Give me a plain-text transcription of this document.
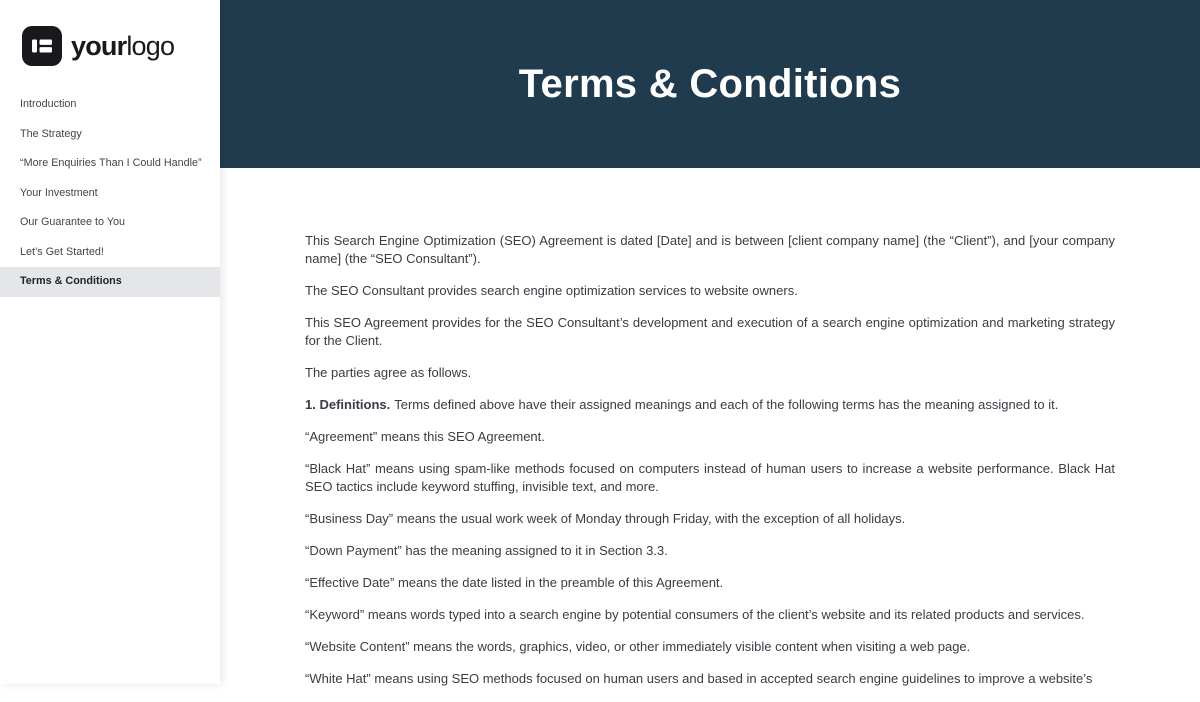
yourlogo
Introduction
The Strategy
“More Enquiries Than I Could Handle”
Your Investment
Our Guarantee to You
Let’s Get Started!
Terms & Conditions
Terms & Conditions

This Search Engine Optimization (SEO) Agreement is dated [Date] and is between [client company name] (the “Client”), and [your company name] (the “SEO Consultant”).

The SEO Consultant provides search engine optimization services to website owners.

This SEO Agreement provides for the SEO Consultant’s development and execution of a search engine optimization and marketing strategy for the Client.

The parties agree as follows.

1. Definitions. Terms defined above have their assigned meanings and each of the following terms has the meaning assigned to it.

“Agreement” means this SEO Agreement.

“Black Hat” means using spam-like methods focused on computers instead of human users to increase a website performance. Black Hat SEO tactics include keyword stuffing, invisible text, and more.

“Business Day” means the usual work week of Monday through Friday, with the exception of all holidays.

“Down Payment” has the meaning assigned to it in Section 3.3.

“Effective Date” means the date listed in the preamble of this Agreement.

“Keyword” means words typed into a search engine by potential consumers of the client’s website and its related products and services.

“Website Content” means the words, graphics, video, or other immediately visible content when visiting a web page.

“White Hat” means using SEO methods focused on human users and based in accepted search engine guidelines to improve a website’s
